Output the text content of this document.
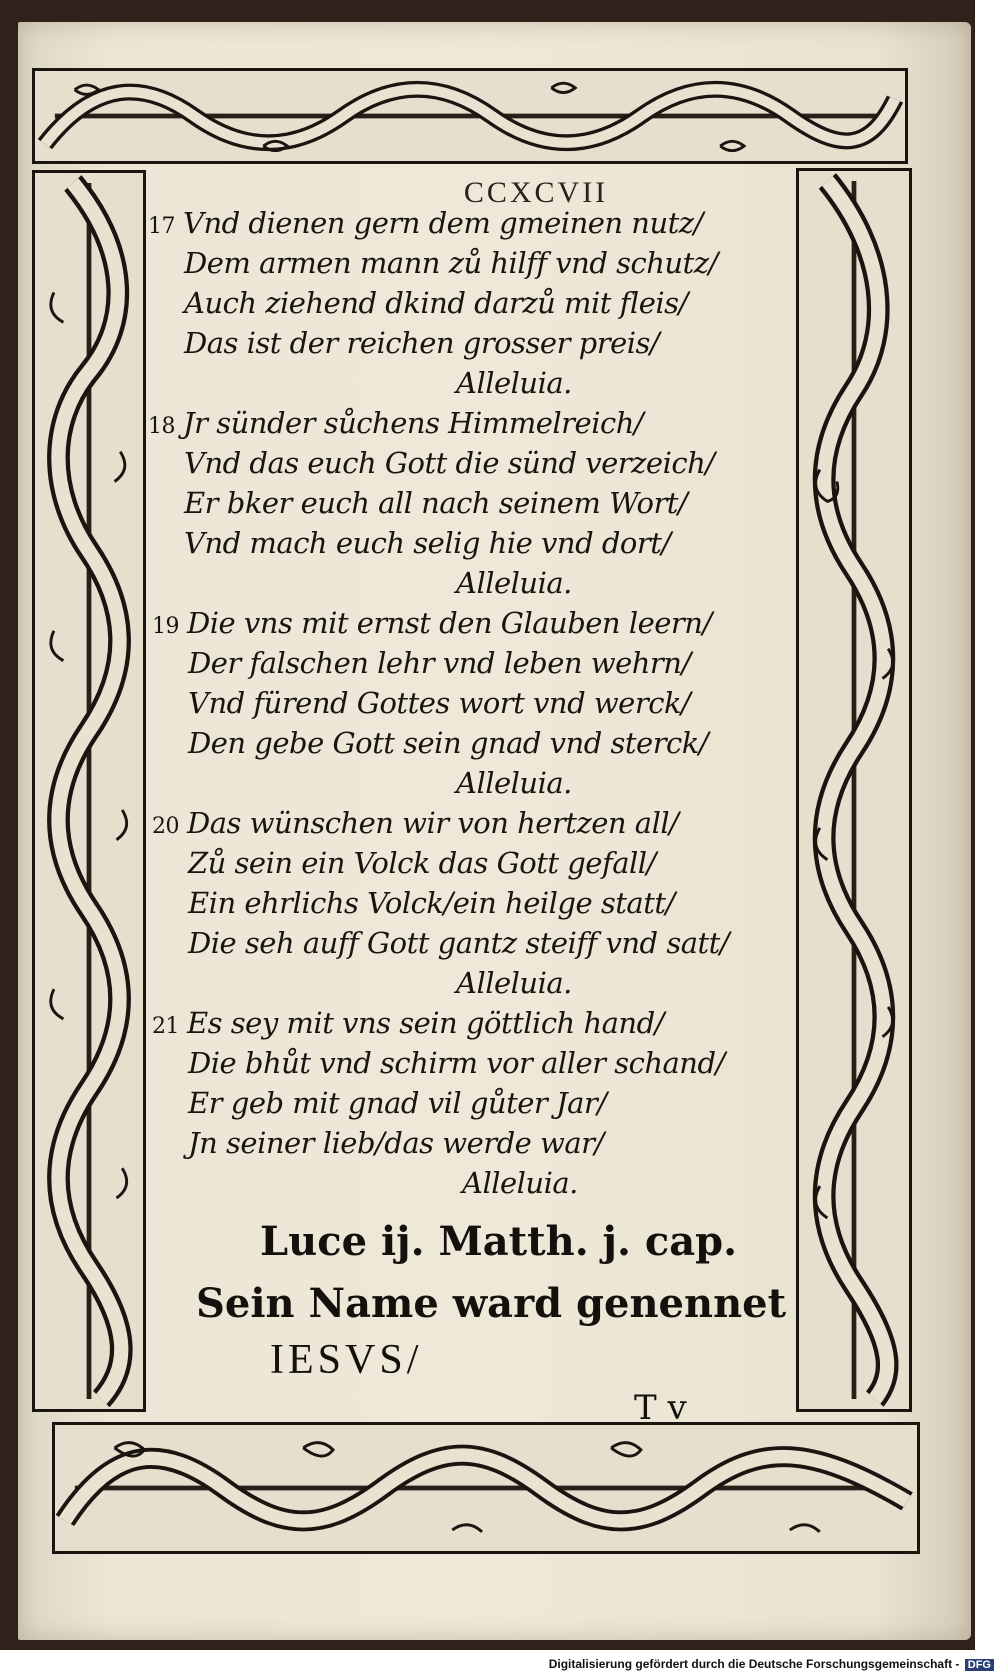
CCXCVII
17 Vnd dienen gern dem gmeinen nutz/
Dem armen mann zů hilff vnd schutz/
Auch ziehend dkind darzů mit fleis/
Das ist der reichen grosser preis/
Alleluia.
18 Jr sünder sůchens Himmelreich/
Vnd das euch Gott die sünd verzeich/
Er bker euch all nach seinem Wort/
Vnd mach euch selig hie vnd dort/
Alleluia.
19 Die vns mit ernst den Glauben leern/
Der falschen lehr vnd leben wehrn/
Vnd fürend Gottes wort vnd werck/
Den gebe Gott sein gnad vnd sterck/
Alleluia.
20 Das wünschen wir von hertzen all/
Zů sein ein Volck das Gott gefall/
Ein ehrlichs Volck/ein heilge statt/
Die seh auff Gott gantz steiff vnd satt/
Alleluia.
21 Es sey mit vns sein göttlich hand/
Die bhůt vnd schirm vor aller schand/
Er geb mit gnad vil gůter Jar/
Jn seiner lieb/das werde war/
Alleluia.
Luce ij. Matth. j. cap.
Sein Name ward genennet
IESVS/
T v
Digitalisierung gefördert durch die Deutsche Forschungsgemeinschaft - DFG
